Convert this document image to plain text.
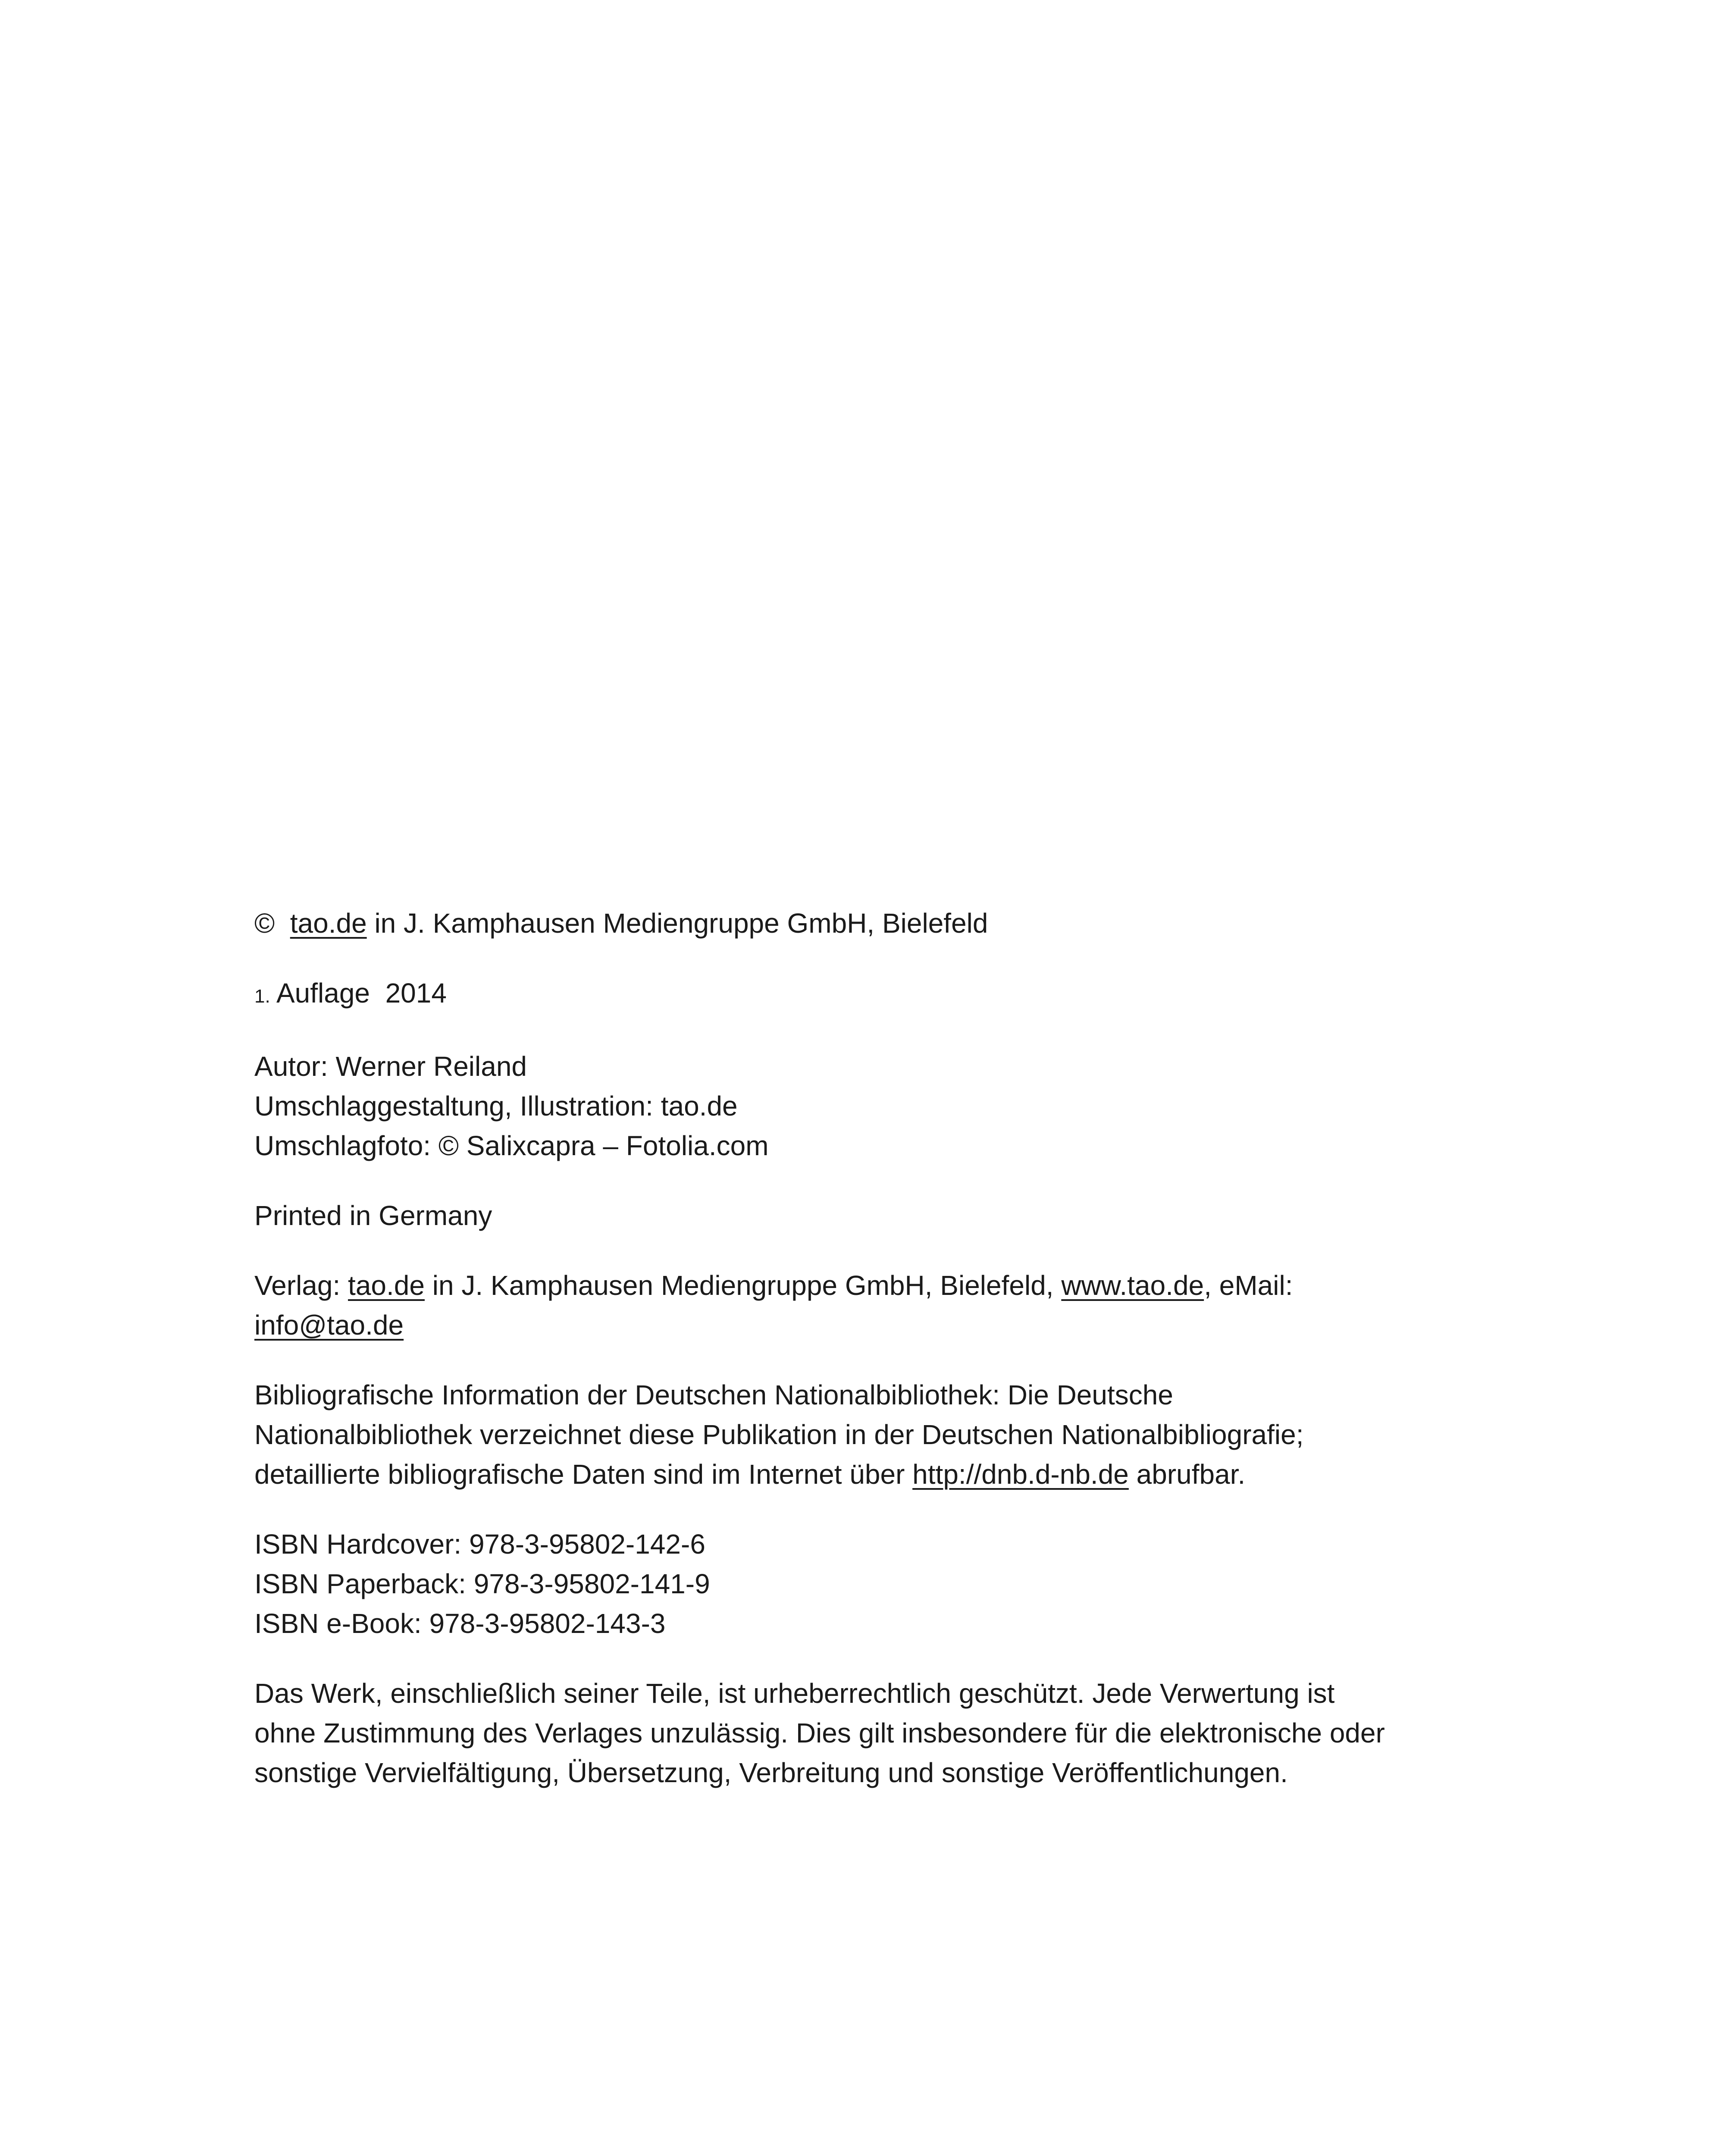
© tao.de in J. Kamphausen Mediengruppe GmbH, Bielefeld

1. Auflage 2014

Autor: Werner Reiland

Umschlaggestaltung, Illustration: tao.de

Umschlagfoto: © Salixcapra – Fotolia.com

Printed in Germany

Verlag: tao.de in J. Kamphausen Mediengruppe GmbH, Bielefeld, www.tao.de, eMail:
info@tao.de

Bibliografische Information der Deutschen Nationalbibliothek: Die Deutsche

Nationalbibliothek verzeichnet diese Publikation in der Deutschen Nationalbibliografie;

detaillierte bibliografische Daten sind im Internet über http://dnb.d-nb.de abrufbar.

ISBN Hardcover: 978-3-95802-142-6

ISBN Paperback: 978-3-95802-141-9

ISBN e-Book: 978-3-95802-143-3

Das Werk, einschließlich seiner Teile, ist urheberrechtlich geschützt. Jede Verwertung ist

ohne Zustimmung des Verlages unzulässig. Dies gilt insbesondere für die elektronische oder

sonstige Vervielfältigung, Übersetzung, Verbreitung und sonstige Veröffentlichungen.
